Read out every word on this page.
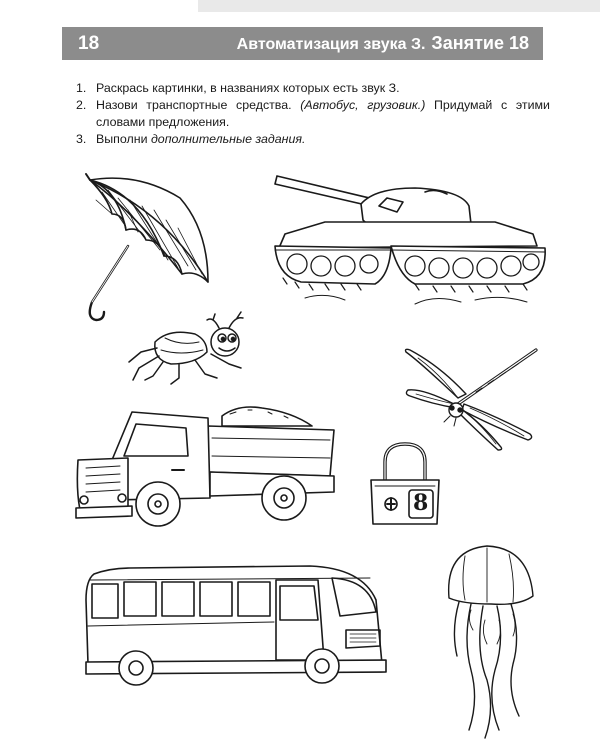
18	Автоматизация звука З. Занятие 18
1. Раскрась картинки, в названиях которых есть звук З.
2. Назови транспортные средства. (Автобус, грузовик.) Придумай с этими словами предложения.
3. Выполни дополнительные задания.
8
